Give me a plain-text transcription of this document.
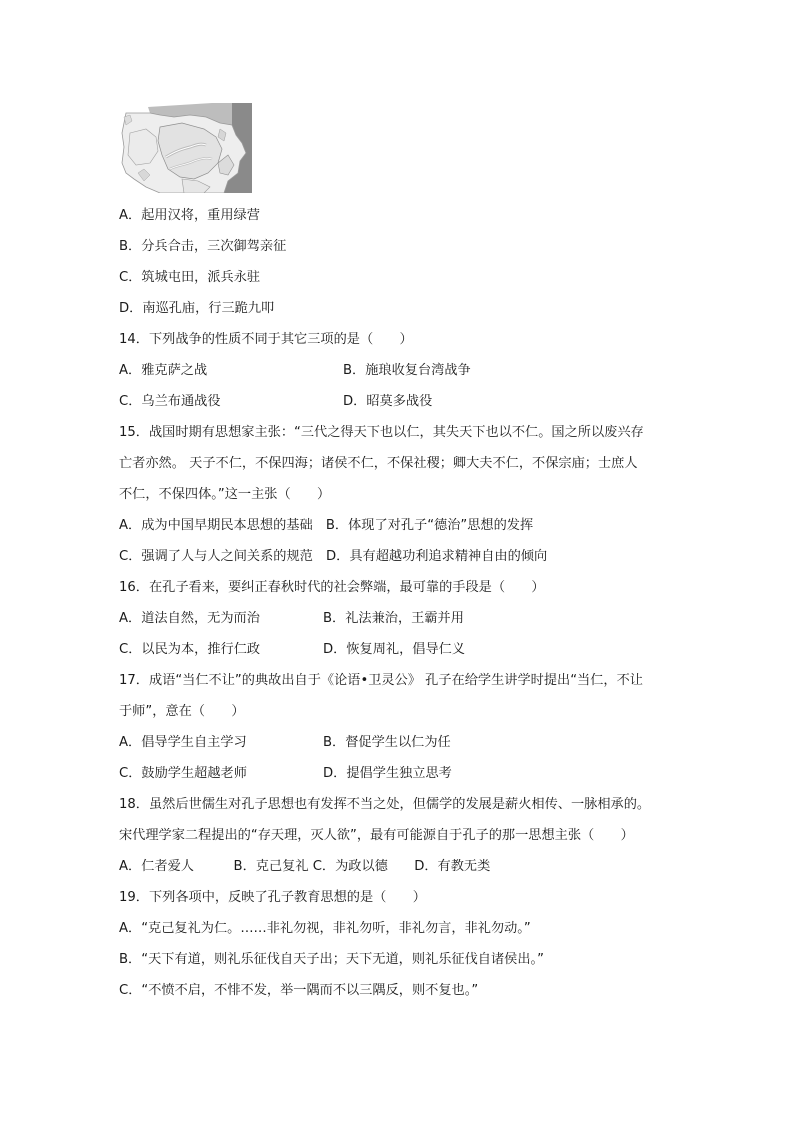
A．起用汉将，重用绿营
B．分兵合击，三次御驾亲征
C．筑城屯田，派兵永驻
D．南巡孔庙，行三跪九叩
14．下列战争的性质不同于其它三项的是（　　）
A．雅克萨之战	B．施琅收复台湾战争
C．乌兰布通战役	D．昭莫多战役
15．战国时期有思想家主张：“三代之得天下也以仁，其失天下也以不仁。国之所以废兴存
亡者亦然。 天子不仁，不保四海；诸侯不仁，不保社稷；卿大夫不仁，不保宗庙；士庶人
不仁，不保四体。”这一主张（　　）
A．成为中国早期民本思想的基础　B．体现了对孔子“德治”思想的发挥
C．强调了人与人之间关系的规范　D．具有超越功利追求精神自由的倾向
16．在孔子看来，要纠正春秋时代的社会弊端，最可靠的手段是（　　）
A．道法自然，无为而治	B．礼法兼治，王霸并用
C．以民为本，推行仁政	D．恢复周礼，倡导仁义
17．成语“当仁不让”的典故出自于《论语•卫灵公》 孔子在给学生讲学时提出“当仁，不让
于师”，意在（　　）
A．倡导学生自主学习	B．督促学生以仁为任
C．鼓励学生超越老师	D．提倡学生独立思考
18．虽然后世儒生对孔子思想也有发挥不当之处，但儒学的发展是薪火相传、一脉相承的。
宋代理学家二程提出的“存天理，灭人欲”，最有可能源自于孔子的那一思想主张（　　）
A．仁者爱人　　　B．克己复礼 C．为政以德　　D．有教无类
19．下列各项中，反映了孔子教育思想的是（　　）
A．“克己复礼为仁。……非礼勿视，非礼勿听，非礼勿言，非礼勿动。”
B．“天下有道，则礼乐征伐自天子出；天下无道，则礼乐征伐自诸侯出。”
C．“不愤不启，不悱不发，举一隅而不以三隅反，则不复也。”
